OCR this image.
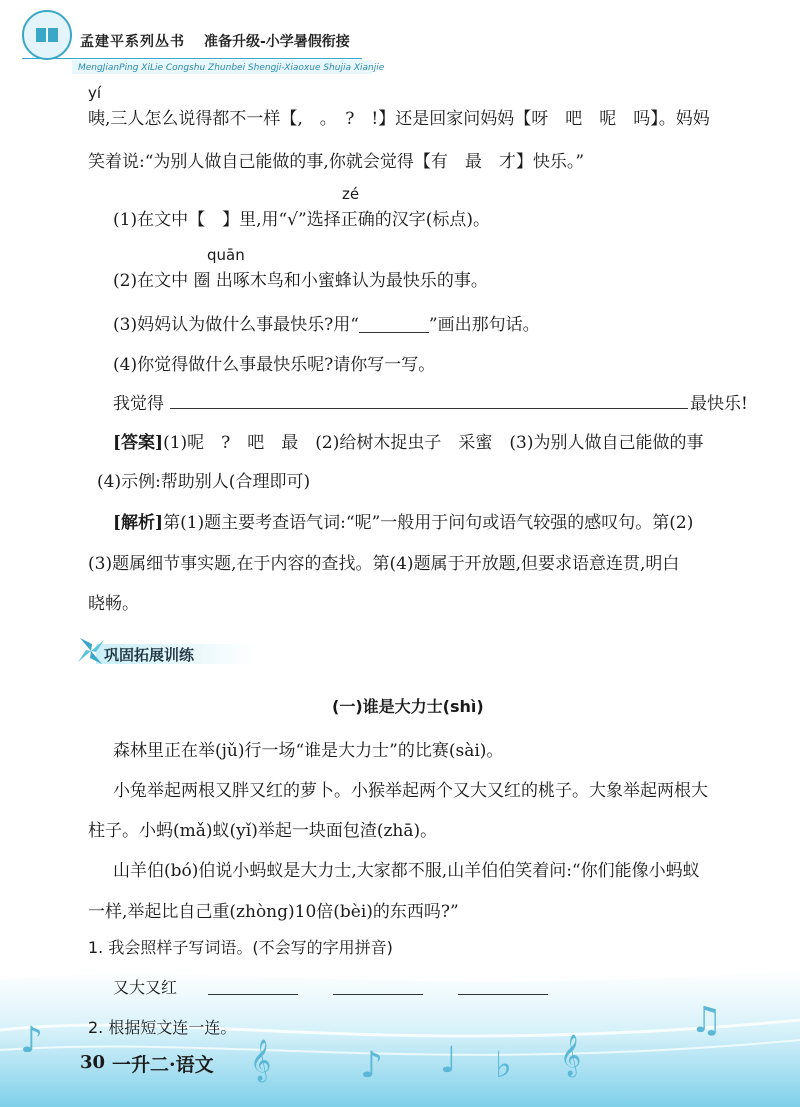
孟建平系列丛书 准备升级-小学暑假衔接
MengJianPing XiLie Congshu Zhunbei Shengji-Xiaoxue Shujia Xianjie
yí
咦,三人怎么说得都不一样【,　。　?　!】还是回家问妈妈【呀　吧　呢　吗】。妈妈
笑着说:“为别人做自己能做的事,你就会觉得【有　最　才】快乐。”
zé
(1)在文中【　】里,用“√”选择正确的汉字(标点)。
quān
(2)在文中 圈 出啄木鸟和小蜜蜂认为最快乐的事。
(3)妈妈认为做什么事最快乐?用“	”画出那句话。
(4)你觉得做什么事最快乐呢?请你写一写。
我觉得	最快乐!
[答案](1)呢　?　吧　最　(2)给树木捉虫子　采蜜　(3)为别人做自己能做的事
(4)示例:帮助别人(合理即可)
[解析]第(1)题主要考查语气词:“呢”一般用于问句或语气较强的感叹句。第(2)
(3)题属细节事实题,在于内容的查找。第(4)题属于开放题,但要求语意连贯,明白
晓畅。
巩固拓展训练
(一)谁是大力士(shì)
森林里正在举(jǔ)行一场“谁是大力士”的比赛(sài)。
小兔举起两根又胖又红的萝卜。小猴举起两个又大又红的桃子。大象举起两根大
柱子。小蚂(mǎ)蚁(yǐ)举起一块面包渣(zhā)。
山羊伯(bó)伯说小蚂蚁是大力士,大家都不服,山羊伯伯笑着问:“你们能像小蚂蚁
一样,举起比自己重(zhòng)10倍(bèi)的东西吗?”
1. 我会照样子写词语。(不会写的字用拼音)
又大又红
2. 根据短文连一连。
𝄞 ♪ ♩ ♭ 𝄞
♫
♪
30 一升二·语文
